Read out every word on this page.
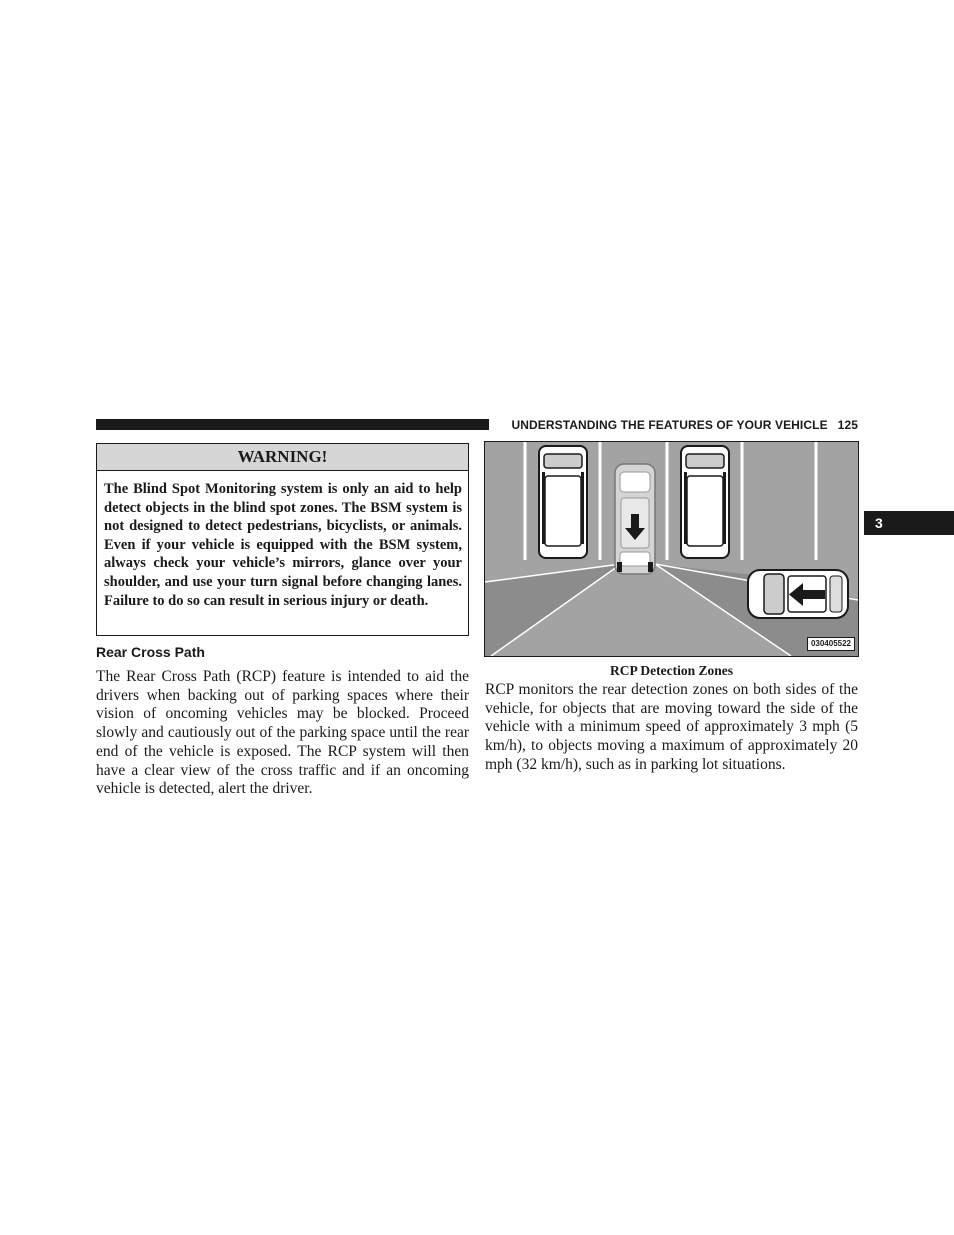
UNDERSTANDING THE FEATURES OF YOUR VEHICLE 125
3
WARNING!
The Blind Spot Monitoring system is only an aid to help detect objects in the blind spot zones. The BSM system is not designed to detect pedestrians, bicyclists, or animals. Even if your vehicle is equipped with the BSM system, always check your vehicle’s mirrors, glance over your shoulder, and use your turn signal before changing lanes. Failure to do so can result in serious injury or death.
Rear Cross Path
The Rear Cross Path (RCP) feature is intended to aid the drivers when backing out of parking spaces where their vision of oncoming vehicles may be blocked. Proceed slowly and cautiously out of the parking space until the rear end of the vehicle is exposed. The RCP system will then have a clear view of the cross traffic and if an oncoming vehicle is detected, alert the driver.
030405522
RCP Detection Zones
RCP monitors the rear detection zones on both sides of the vehicle, for objects that are moving toward the side of the vehicle with a minimum speed of approximately 3 mph (5 km/h), to objects moving a maximum of approximately 20 mph (32 km/h), such as in parking lot situations.
